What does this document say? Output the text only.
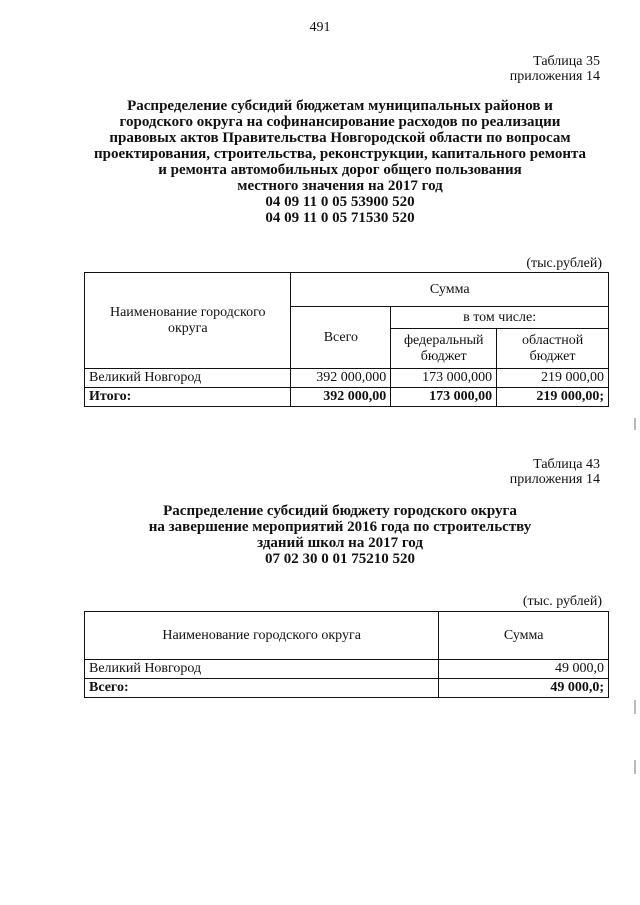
491
Таблица 35
приложения 14
Распределение субсидий бюджетам муниципальных районов и
городского округа на софинансирование расходов по реализации
правовых актов Правительства Новгородской области по вопросам
проектирования, строительства, реконструкции, капитального ремонта
и ремонта автомобильных дорог общего пользования
местного значения на 2017 год
04 09 11 0 05 53900 520
04 09 11 0 05 71530 520
(тыс.рублей)
Наименование городского округа	Сумма		
	Всего	в том числе:	
		федеральный бюджет	областной бюджет
Великий Новгород	392 000,000	173 000,000	219 000,00
Итого:	392 000,00	173 000,00	219 000,00;
Таблица 43
приложения 14
Распределение субсидий бюджету городского округа
на завершение мероприятий 2016 года по строительству
зданий школ на 2017 год
07 02 30 0 01 75210 520
(тыс. рублей)
Наименование городского округа	Сумма
Великий Новгород	49 000,0
Всего:	49 000,0;
